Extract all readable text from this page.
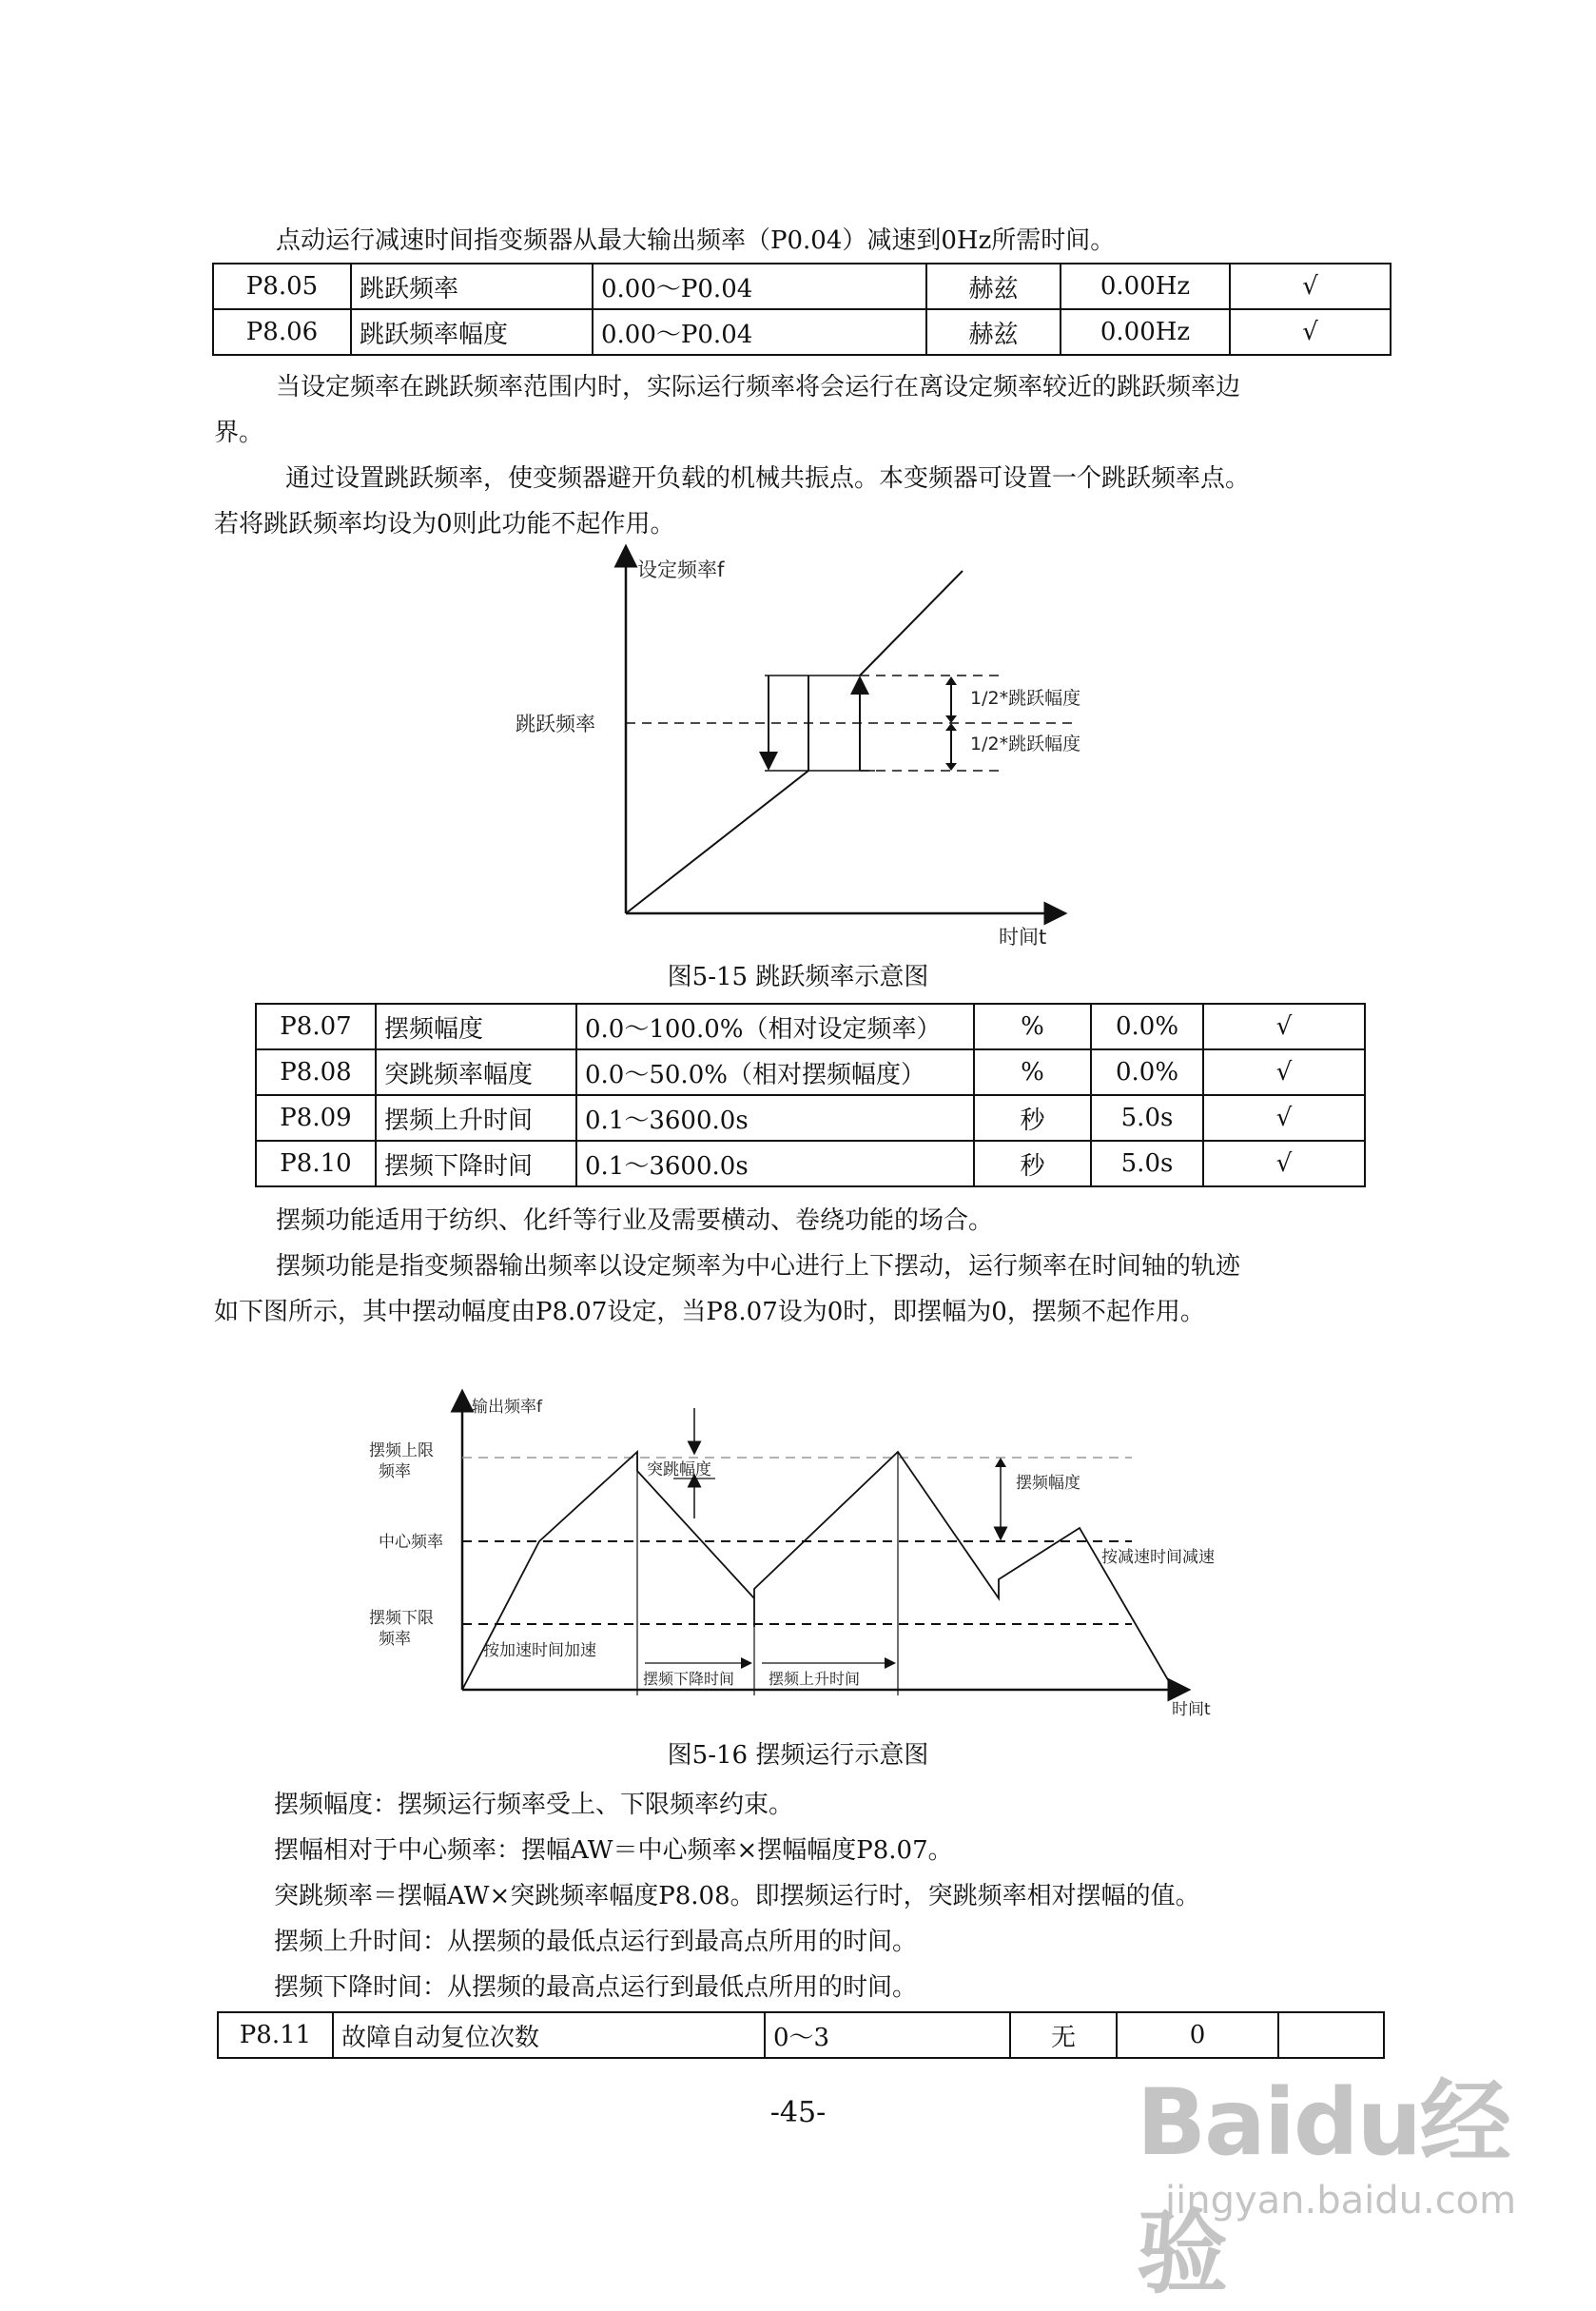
点动运行减速时间指变频器从最大输出频率（P0.04）减速到0Hz所需时间。

P8.05	跳跃频率	0.00～P0.04	赫兹	0.00Hz	√
P8.06	跳跃频率幅度	0.00～P0.04	赫兹	0.00Hz	√

当设定频率在跳跃频率范围内时，实际运行频率将会运行在离设定频率较近的跳跃频率边

界。

通过设置跳跃频率，使变频器避开负载的机械共振点。本变频器可设置一个跳跃频率点。

若将跳跃频率均设为0则此功能不起作用。

设定频率f
时间t
跳跃频率
1/2*跳跃幅度
1/2*跳跃幅度
图5-15 跳跃频率示意图
P8.07	摆频幅度	0.0～100.0%（相对设定频率）	%	0.0%	√
P8.08	突跳频率幅度	0.0～50.0%（相对摆频幅度）	%	0.0%	√
P8.09	摆频上升时间	0.1～3600.0s	秒	5.0s	√
P8.10	摆频下降时间	0.1～3600.0s	秒	5.0s	√

摆频功能适用于纺织、化纤等行业及需要横动、卷绕功能的场合。

摆频功能是指变频器输出频率以设定频率为中心进行上下摆动，运行频率在时间轴的轨迹

如下图所示，其中摆动幅度由P8.07设定，当P8.07设为0时，即摆幅为0，摆频不起作用。

输出频率f
时间t
摆频上限
频率
中心频率
摆频下限
频率
突跳幅度
摆频幅度
按加速时间加速
按减速时间减速
摆频下降时间 摆频上升时间
图5-16 摆频运行示意图

摆频幅度：摆频运行频率受上、下限频率约束。

摆幅相对于中心频率：摆幅AW＝中心频率×摆幅幅度P8.07。

突跳频率＝摆幅AW×突跳频率幅度P8.08。即摆频运行时，突跳频率相对摆幅的值。

摆频上升时间：从摆频的最低点运行到最高点所用的时间。

摆频下降时间：从摆频的最高点运行到最低点所用的时间。

P8.11	故障自动复位次数	0～3	无	0	
-45-	Baidu经验
jingyan.baidu.com
